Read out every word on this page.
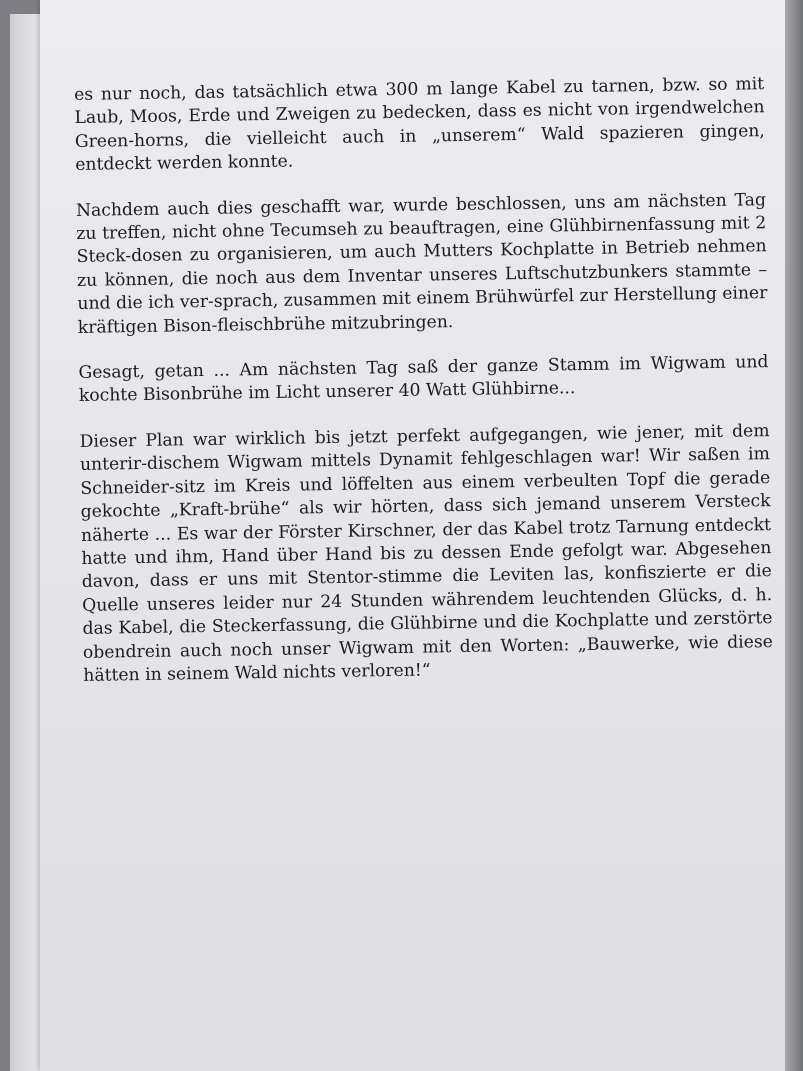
es nur noch, das tatsächlich etwa 300 m lange Kabel zu tarnen, bzw. so mit Laub, Moos, Erde und Zweigen zu bedecken, dass es nicht von irgendwelchen Green-horns, die vielleicht auch in „unserem“ Wald spazieren gingen, entdeckt werden konnte.

Nachdem auch dies geschafft war, wurde beschlossen, uns am nächsten Tag zu treffen, nicht ohne Tecumseh zu beauftragen, eine Glühbirnenfassung mit 2 Steck-dosen zu organisieren, um auch Mutters Kochplatte in Betrieb nehmen zu können, die noch aus dem Inventar unseres Luftschutzbunkers stammte – und die ich ver-sprach, zusammen mit einem Brühwürfel zur Herstellung einer kräftigen Bison-fleischbrühe mitzubringen.

Gesagt, getan ... Am nächsten Tag saß der ganze Stamm im Wigwam und kochte Bisonbrühe im Licht unserer 40 Watt Glühbirne...

Dieser Plan war wirklich bis jetzt perfekt aufgegangen, wie jener, mit dem unterir-dischem Wigwam mittels Dynamit fehlgeschlagen war! Wir saßen im Schneider-sitz im Kreis und löffelten aus einem verbeulten Topf die gerade gekochte „Kraft-brühe“ als wir hörten, dass sich jemand unserem Versteck näherte ... Es war der Förster Kirschner, der das Kabel trotz Tarnung entdeckt hatte und ihm, Hand über Hand bis zu dessen Ende gefolgt war. Abgesehen davon, dass er uns mit Stentor-stimme die Leviten las, konfiszierte er die Quelle unseres leider nur 24 Stunden währendem leuchtenden Glücks, d. h. das Kabel, die Steckerfassung, die Glühbirne und die Kochplatte und zerstörte obendrein auch noch unser Wigwam mit den Worten: „Bauwerke, wie diese hätten in seinem Wald nichts verloren!“
